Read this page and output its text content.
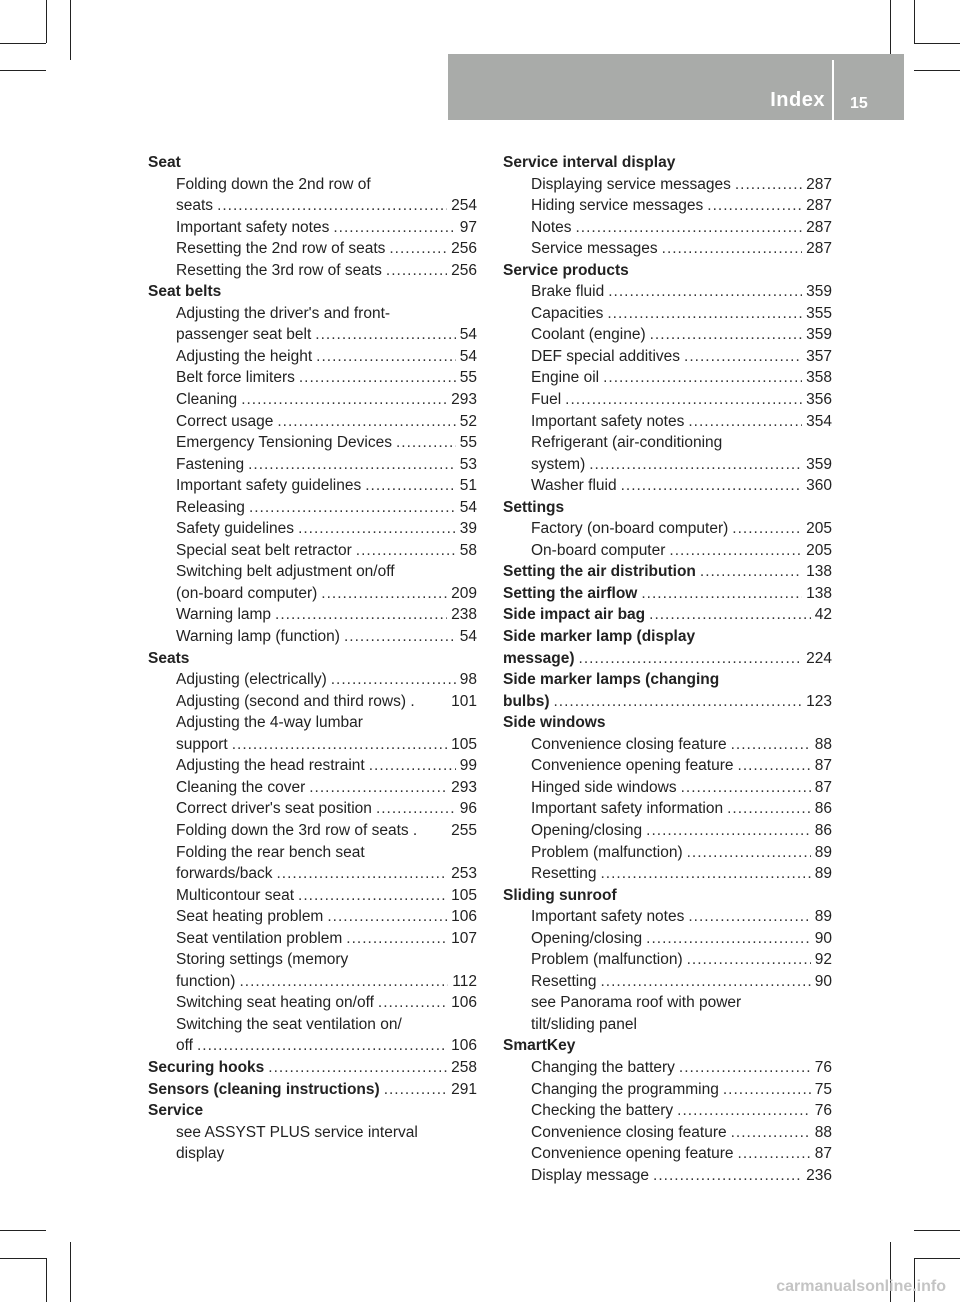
Index 15
Seat
Folding down the 2nd row of
seats .....	254
Important safety notes .....	97
Resetting the 2nd row of seats .....	256
Resetting the 3rd row of seats .....	256
Seat belts
Adjusting the driver's and front-
passenger seat belt .....	54
Adjusting the height .....	54
Belt force limiters .....	55
Cleaning .....	293
Correct usage .....	52
Emergency Tensioning Devices .....	55
Fastening .....	53
Important safety guidelines .....	51
Releasing .....	54
Safety guidelines .....	39
Special seat belt retractor .....	58
Switching belt adjustment on/off
(on-board computer) .....	209
Warning lamp .....	238
Warning lamp (function) .....	54
Seats
Adjusting (electrically) .....	98
Adjusting (second and third rows) . 101
Adjusting the 4-way lumbar
support .....	105
Adjusting the head restraint .....	99
Cleaning the cover .....	293
Correct driver's seat position .....	96
Folding down the 3rd row of seats . 255
Folding the rear bench seat
forwards/back .....	253
Multicontour seat .....	105
Seat heating problem .....	106
Seat ventilation problem .....	107
Storing settings (memory
function) .....	112
Switching seat heating on/off .....	106
Switching the seat ventilation on/
off .....	106
Securing hooks .....	258
Sensors (cleaning instructions) .....	291
Service
see ASSYST PLUS service interval
display
Service interval display
Displaying service messages .....	287
Hiding service messages .....	287
Notes .....	287
Service messages .....	287
Service products
Brake fluid .....	359
Capacities .....	355
Coolant (engine) .....	359
DEF special additives .....	357
Engine oil .....	358
Fuel .....	356
Important safety notes .....	354
Refrigerant (air-conditioning
system) .....	359
Washer fluid .....	360
Settings
Factory (on-board computer) .....	205
On-board computer .....	205
Setting the air distribution .....	138
Setting the airflow .....	138
Side impact air bag .....	42
Side marker lamp (display
message) .....	224
Side marker lamps (changing
bulbs) .....	123
Side windows
Convenience closing feature .....	88
Convenience opening feature .....	87
Hinged side windows .....	87
Important safety information .....	86
Opening/closing .....	86
Problem (malfunction) .....	89
Resetting .....	89
Sliding sunroof
Important safety notes .....	89
Opening/closing .....	90
Problem (malfunction) .....	92
Resetting .....	90
see Panorama roof with power
tilt/sliding panel
SmartKey
Changing the battery .....	76
Changing the programming .....	75
Checking the battery .....	76
Convenience closing feature .....	88
Convenience opening feature .....	87
Display message .....	236
carmanualsonline.info
